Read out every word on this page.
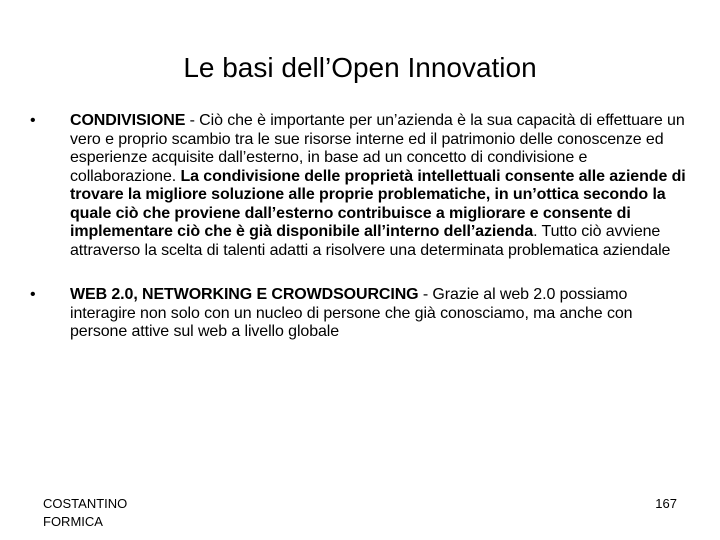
Le basi dell’Open Innovation
•	CONDIVISIONE - Ciò che è importante per un’azienda è la sua capacità di effettuare un vero e proprio scambio tra le sue risorse interne ed il patrimonio delle conoscenze ed esperienze acquisite dall’esterno, in base ad un concetto di condivisione e collaborazione. La condivisione delle proprietà intellettuali consente alle aziende di trovare la migliore soluzione alle proprie problematiche, in un’ottica secondo la quale ciò che proviene dall’esterno contribuisce a migliorare e consente di implementare ciò che è già disponibile all’interno dell’azienda. Tutto ciò avviene attraverso la scelta di talenti adatti a risolvere una determinata problematica aziendale
•	WEB 2.0, NETWORKING E CROWDSOURCING - Grazie al web 2.0 possiamo interagire non solo con un nucleo di persone che già conosciamo, ma anche con persone attive sul web a livello globale
COSTANTINO FORMICA
167
